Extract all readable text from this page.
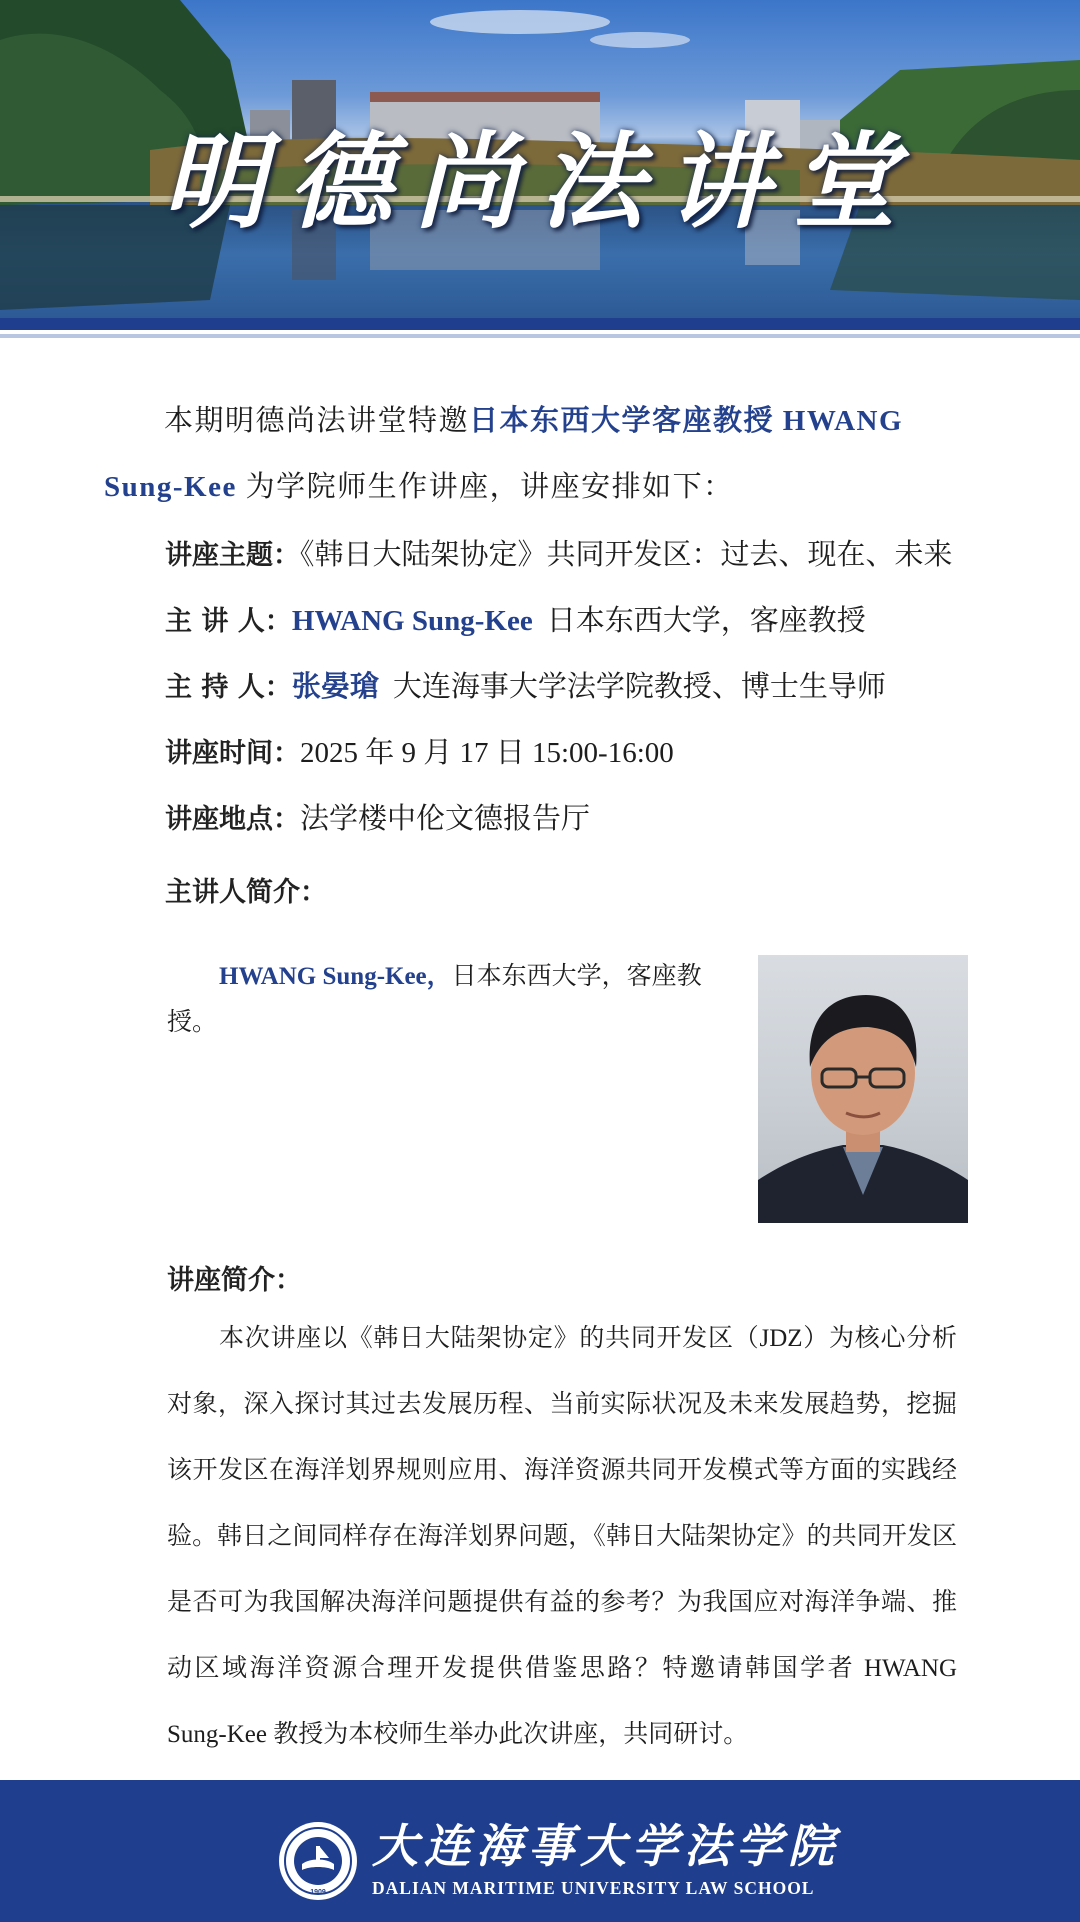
明德尚法讲堂
本期明德尚法讲堂特邀日本东西大学客座教授 HWANG Sung-Kee 为学院师生作讲座，讲座安排如下：
讲座主题：《韩日大陆架协定》共同开发区：过去、现在、未来
主 讲 人：HWANG Sung-Kee 日本东西大学，客座教授
主 持 人：张晏瑲 大连海事大学法学院教授、博士生导师
讲座时间：2025 年 9 月 17 日 15:00-16:00
讲座地点：法学楼中伦文德报告厅
主讲人简介：
HWANG Sung-Kee，日本东西大学，客座教授。
讲座简介：
本次讲座以《韩日大陆架协定》的共同开发区（JDZ）为核心分析对象，深入探讨其过去发展历程、当前实际状况及未来发展趋势，挖掘该开发区在海洋划界规则应用、海洋资源共同开发模式等方面的实践经验。韩日之间同样存在海洋划界问题，《韩日大陆架协定》的共同开发区是否可为我国解决海洋问题提供有益的参考？为我国应对海洋争端、推动区域海洋资源合理开发提供借鉴思路？特邀请韩国学者 HWANG Sung-Kee 教授为本校师生举办此次讲座，共同研讨。
1909
大连海事大学法学院
DALIAN MARITIME UNIVERSITY LAW SCHOOL
